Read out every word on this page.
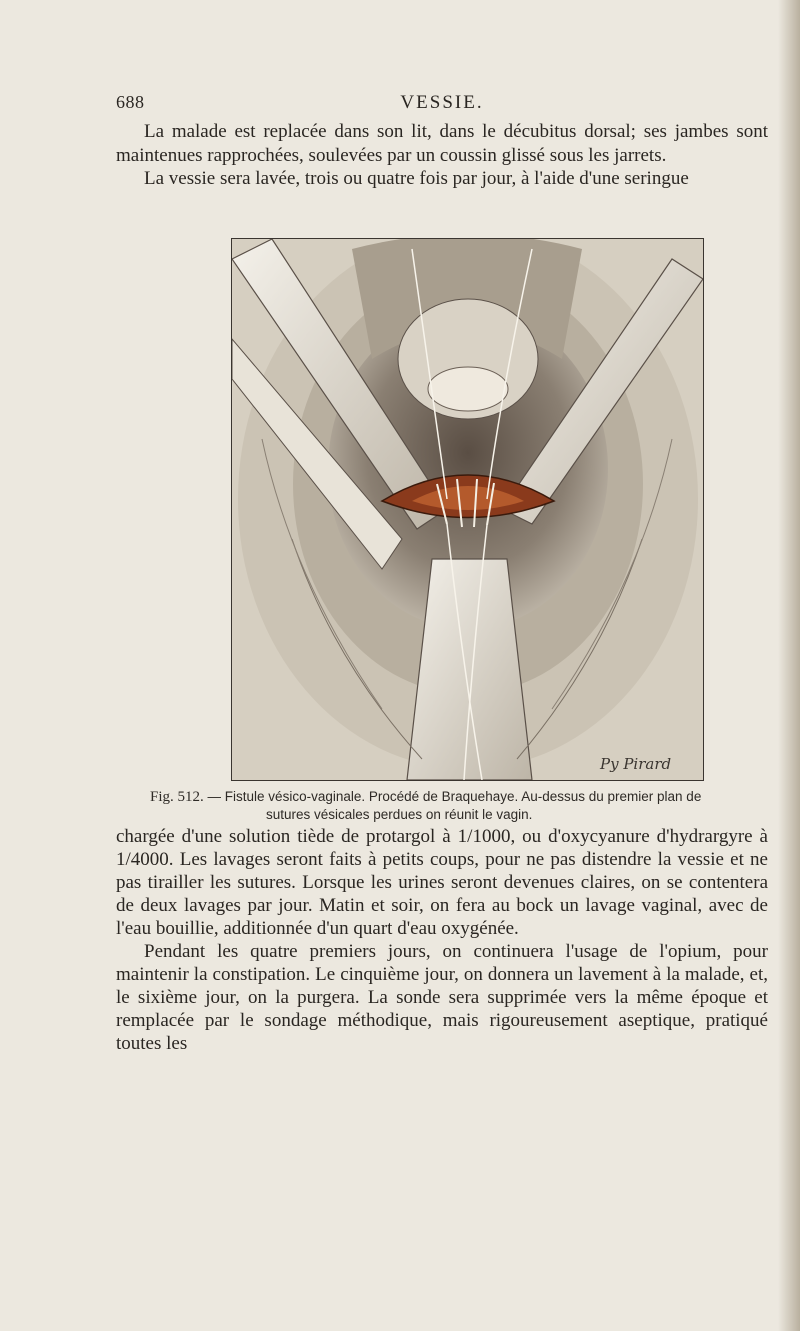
688	VESSIE.

La malade est replacée dans son lit, dans le décubitus dorsal; ses jambes sont maintenues rapprochées, soulevées par un coussin glissé sous les jarrets.

La vessie sera lavée, trois ou quatre fois par jour, à l'aide d'une seringue

Py Pirard
Fig. 512. — Fistule vésico-vaginale. Procédé de Braquehaye. Au-dessus du premier plan de
sutures vésicales perdues on réunit le vagin.

chargée d'une solution tiède de protargol à 1/1000, ou d'oxycyanure d'hydrargyre à 1/4000. Les lavages seront faits à petits coups, pour ne pas distendre la vessie et ne pas tirailler les sutures. Lorsque les urines seront devenues claires, on se contentera de deux lavages par jour. Matin et soir, on fera au bock un lavage vaginal, avec de l'eau bouillie, additionnée d'un quart d'eau oxygénée.

Pendant les quatre premiers jours, on continuera l'usage de l'opium, pour maintenir la constipation. Le cinquième jour, on donnera un lavement à la malade, et, le sixième jour, on la purgera. La sonde sera supprimée vers la même époque et remplacée par le sondage méthodique, mais rigoureusement aseptique, pratiqué toutes les
